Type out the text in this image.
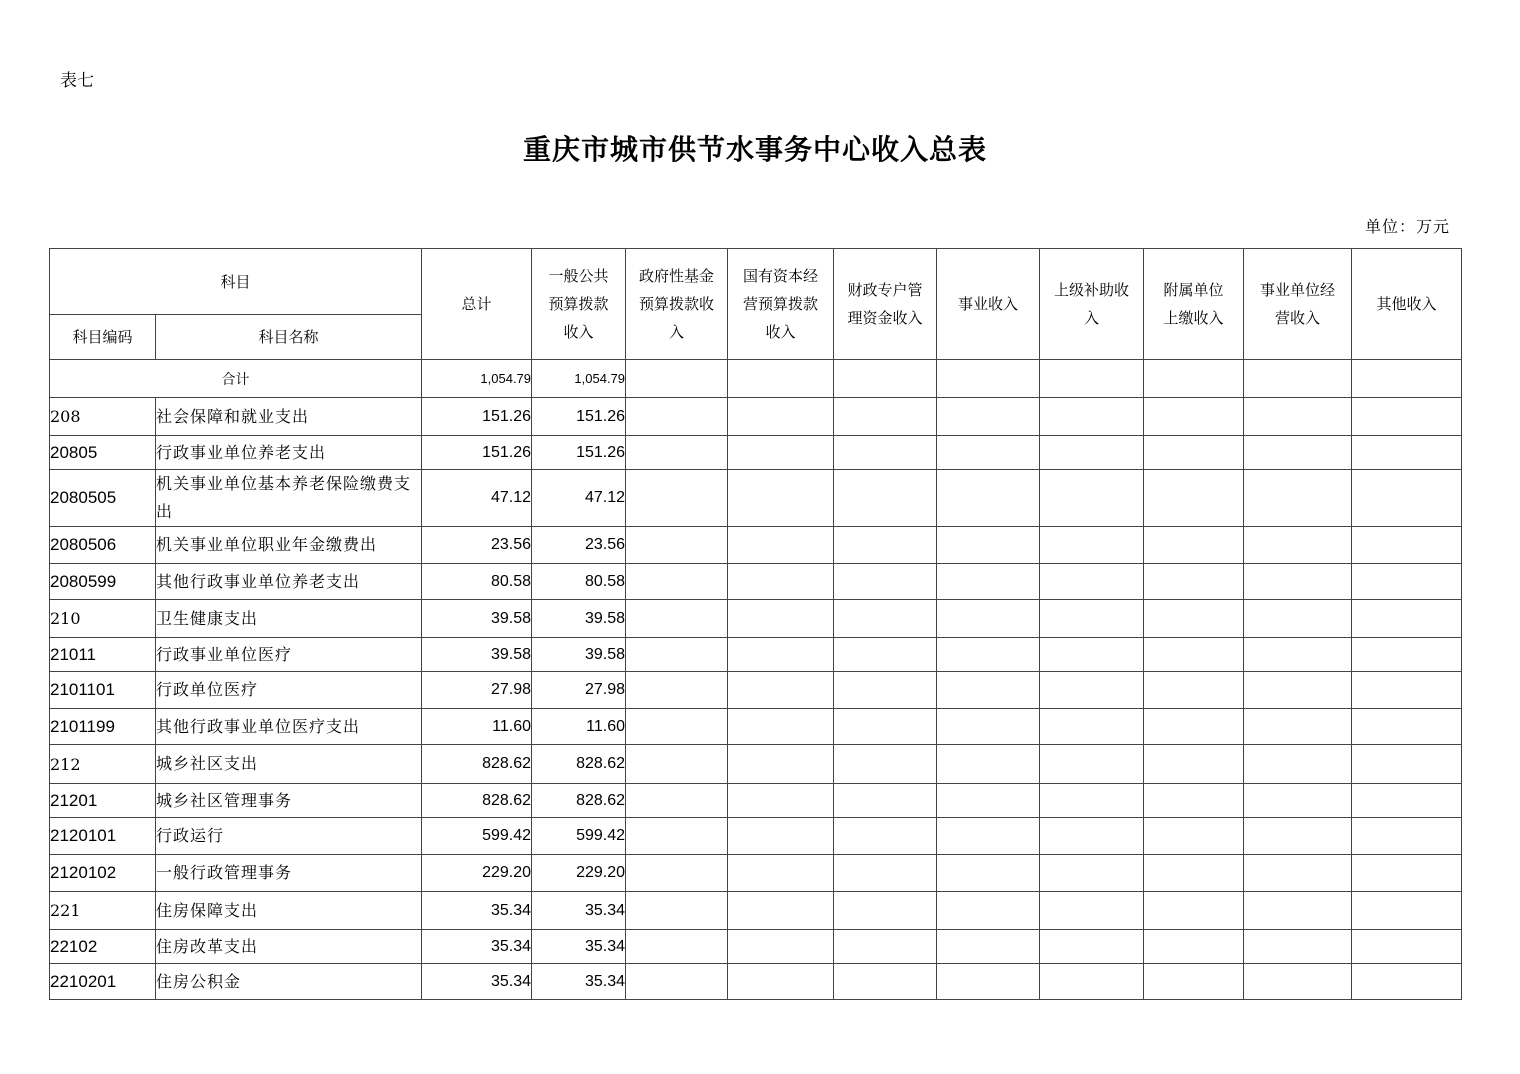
表七
重庆市城市供节水事务中心收入总表
单位：万元
科目		总计	一般公共预算拨款收入	政府性基金预算拨款收入	国有资本经营预算拨款收入	财政专户管理资金收入	事业收入	上级补助收入	附属单位上缴收入	事业单位经营收入	其他收入
科目编码	科目名称										
合计		1,054.79	1,054.79								
208	社会保障和就业支出	151.26	151.26								
20805	行政事业单位养老支出	151.26	151.26								
2080505	机关事业单位基本养老保险缴费支出	47.12	47.12								
2080506	机关事业单位职业年金缴费出	23.56	23.56								
2080599	其他行政事业单位养老支出	80.58	80.58								
210	卫生健康支出	39.58	39.58								
21011	行政事业单位医疗	39.58	39.58								
2101101	行政单位医疗	27.98	27.98								
2101199	其他行政事业单位医疗支出	11.60	11.60								
212	城乡社区支出	828.62	828.62								
21201	城乡社区管理事务	828.62	828.62								
2120101	行政运行	599.42	599.42								
2120102	一般行政管理事务	229.20	229.20								
221	住房保障支出	35.34	35.34								
22102	住房改革支出	35.34	35.34								
2210201	住房公积金	35.34	35.34								
